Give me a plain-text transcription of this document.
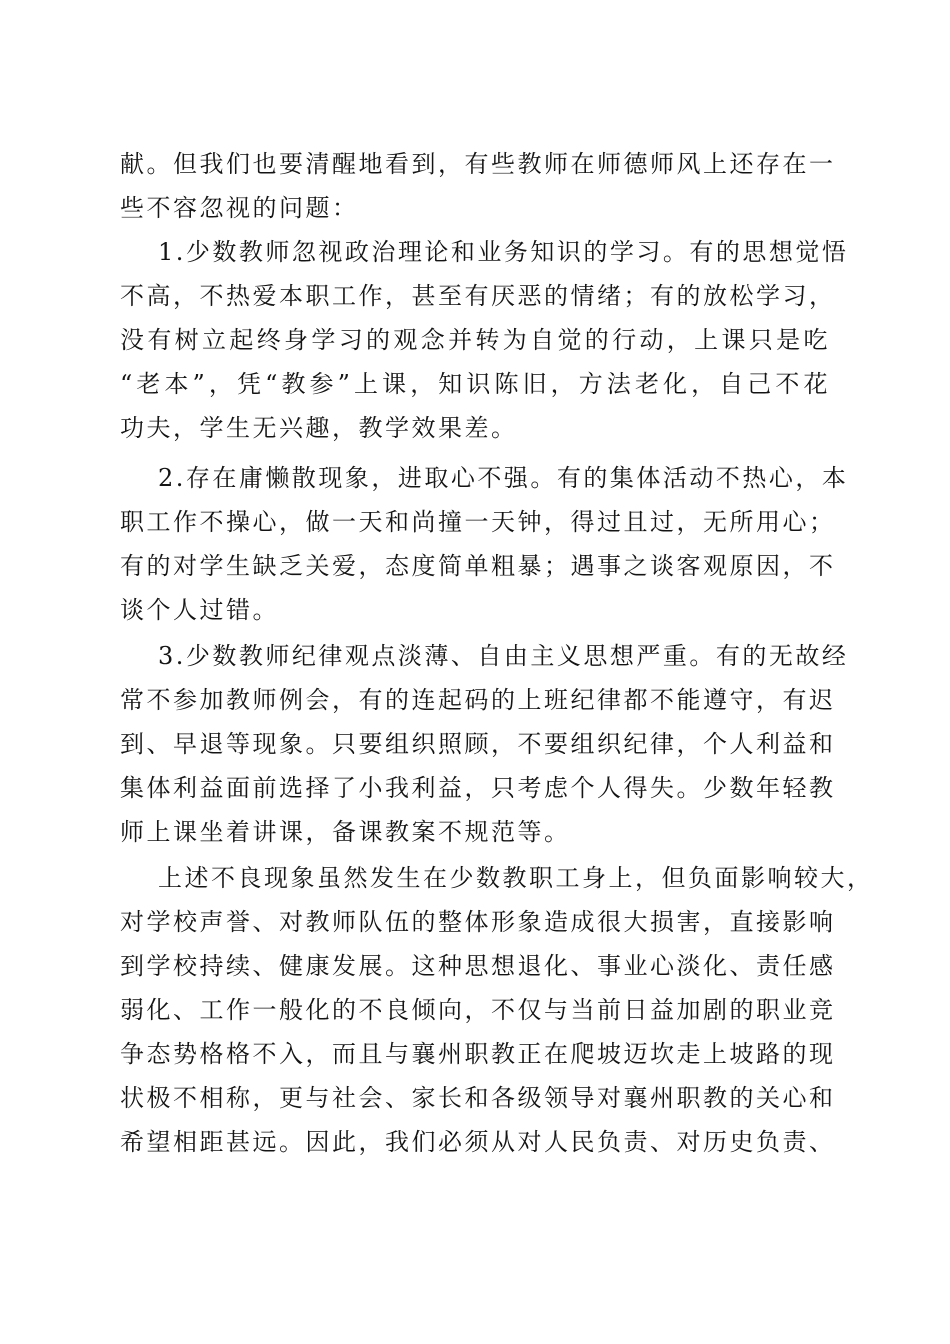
献。但我们也要清醒地看到，有些教师在师德师风上还存在一
些不容忽视的问题：
1.少数教师忽视政治理论和业务知识的学习。有的思想觉悟
不高，不热爱本职工作，甚至有厌恶的情绪；有的放松学习，
没有树立起终身学习的观念并转为自觉的行动，上课只是吃
“老本”，凭“教参”上课，知识陈旧，方法老化，自己不花
功夫，学生无兴趣，教学效果差。
2.存在庸懒散现象，进取心不强。有的集体活动不热心，本
职工作不操心，做一天和尚撞一天钟，得过且过，无所用心；
有的对学生缺乏关爱，态度简单粗暴；遇事之谈客观原因，不
谈个人过错。
3.少数教师纪律观点淡薄、自由主义思想严重。有的无故经
常不参加教师例会，有的连起码的上班纪律都不能遵守，有迟
到、早退等现象。只要组织照顾，不要组织纪律，个人利益和
集体利益面前选择了小我利益，只考虑个人得失。少数年轻教
师上课坐着讲课，备课教案不规范等。
上述不良现象虽然发生在少数教职工身上，但负面影响较大，
对学校声誉、对教师队伍的整体形象造成很大损害，直接影响
到学校持续、健康发展。这种思想退化、事业心淡化、责任感
弱化、工作一般化的不良倾向，不仅与当前日益加剧的职业竞
争态势格格不入，而且与襄州职教正在爬坡迈坎走上坡路的现
状极不相称，更与社会、家长和各级领导对襄州职教的关心和
希望相距甚远。因此，我们必须从对人民负责、对历史负责、
